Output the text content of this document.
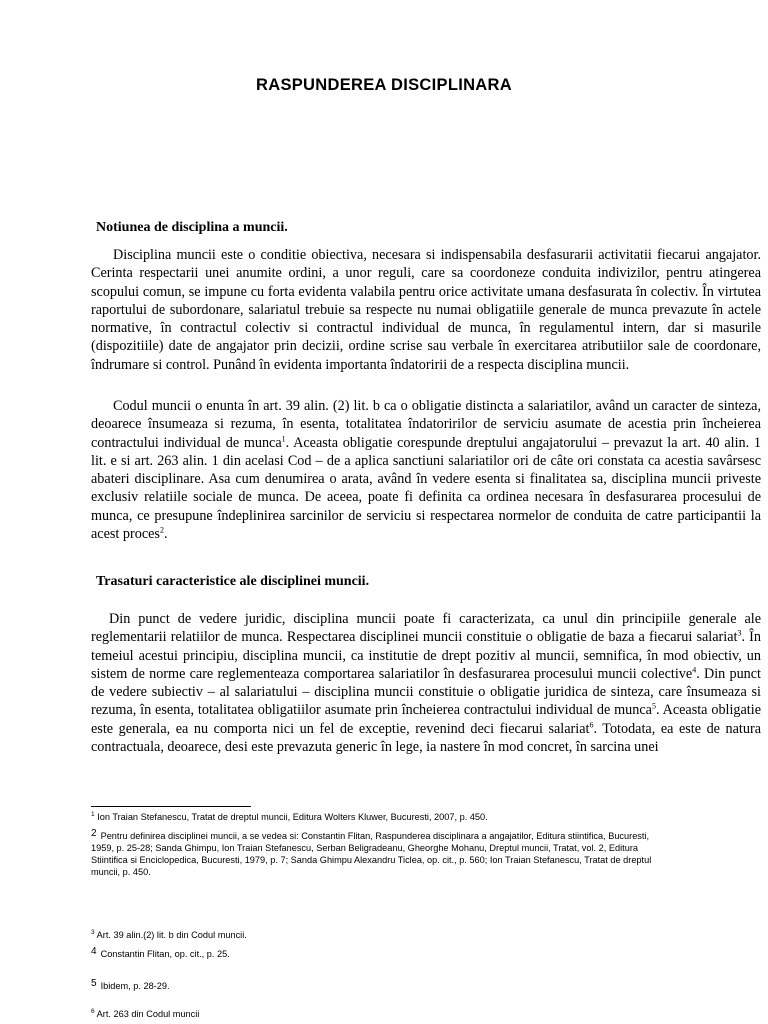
RASPUNDEREA DISCIPLINARA
Notiunea de disciplina a muncii.

Disciplina muncii este o conditie obiectiva, necesara si indispensabila desfasurarii activitatii fiecarui angajator. Cerinta respectarii unei anumite ordini, a unor reguli, care sa coordoneze conduita indivizilor, pentru atingerea scopului comun, se impune cu forta evidenta valabila pentru orice activitate umana desfasurata în colectiv. În virtutea raportului de subordonare, salariatul trebuie sa respecte nu numai obligatiile generale de munca prevazute în actele normative, în contractul colectiv si contractul individual de munca, în regulamentul intern, dar si masurile (dispozitiile) date de angajator prin decizii, ordine scrise sau verbale în exercitarea atributiilor sale de coordonare, îndrumare si control. Punând în evidenta importanta îndatoririi de a respecta disciplina muncii.

Codul muncii o enunta în art. 39 alin. (2) lit. b ca o obligatie distincta a salariatilor, având un caracter de sinteza, deoarece însumeaza si rezuma, în esenta, totalitatea îndatoririlor de serviciu asumate de acestia prin încheierea contractului individual de munca$^1$. Aceasta obligatie corespunde dreptului angajatorului – prevazut la art. 40 alin. 1 lit. e si art. 263 alin. 1 din acelasi Cod – de a aplica sanctiuni salariatilor ori de câte ori constata ca acestia savârsesc abateri disciplinare. Asa cum denumirea o arata, având în vedere esenta si finalitatea sa, disciplina muncii priveste exclusiv relatiile sociale de munca. De aceea, poate fi definita ca ordinea necesara în desfasurarea procesului de munca, ce presupune îndeplinirea sarcinilor de serviciu si respectarea normelor de conduita de catre participantii la acest proces$^2$.

Trasaturi caracteristice ale disciplinei muncii.

Din punct de vedere juridic, disciplina muncii poate fi caracterizata, ca unul din principiile generale ale reglementarii relatiilor de munca. Respectarea disciplinei muncii constituie o obligatie de baza a fiecarui salariat$^3$. În temeiul acestui principiu, disciplina muncii, ca institutie de drept pozitiv al muncii, semnifica, în mod obiectiv, un sistem de norme care reglementeaza comportarea salariatilor în desfasurarea procesului muncii colective$^4$. Din punct de vedere subiectiv – al salariatului – disciplina muncii constituie o obligatie juridica de sinteza, care însumeaza si rezuma, în esenta, totalitatea obligatiilor asumate prin încheierea contractului individual de munca$^5$. Aceasta obligatie este generala, ea nu comporta nici un fel de exceptie, revenind deci fiecarui salariat$^6$. Totodata, ea este de natura contractuala, deoarece, desi este prevazuta generic în lege, ia nastere în mod concret, în sarcina unei

$^1$ Ion Traian Stefanescu, Tratat de dreptul muncii, Editura Wolters Kluwer, Bucuresti, 2007, p. 450.

2 Pentru definirea disciplinei muncii, a se vedea si: Constantin Flitan, Raspunderea disciplinara a angajatilor, Editura stiintifica, Bucuresti,
1959, p. 25-28; Sanda Ghimpu, Ion Traian Stefanescu, Serban Beligradeanu, Gheorghe Mohanu, Dreptul muncii, Tratat, vol. 2, Editura
Stiintifica si Enciclopedica, Bucuresti, 1979, p. 7; Sanda Ghimpu Alexandru Ticlea, op. cit., p. 560; Ion Traian Stefanescu, Tratat de dreptul
muncii, p. 450.

$^3$ Art. 39 alin.(2) lit. b din Codul muncii.

4 Constantin Flitan, op. cit., p. 25.

5 Ibidem, p. 28-29.

$^6$ Art. 263 din Codul muncii
